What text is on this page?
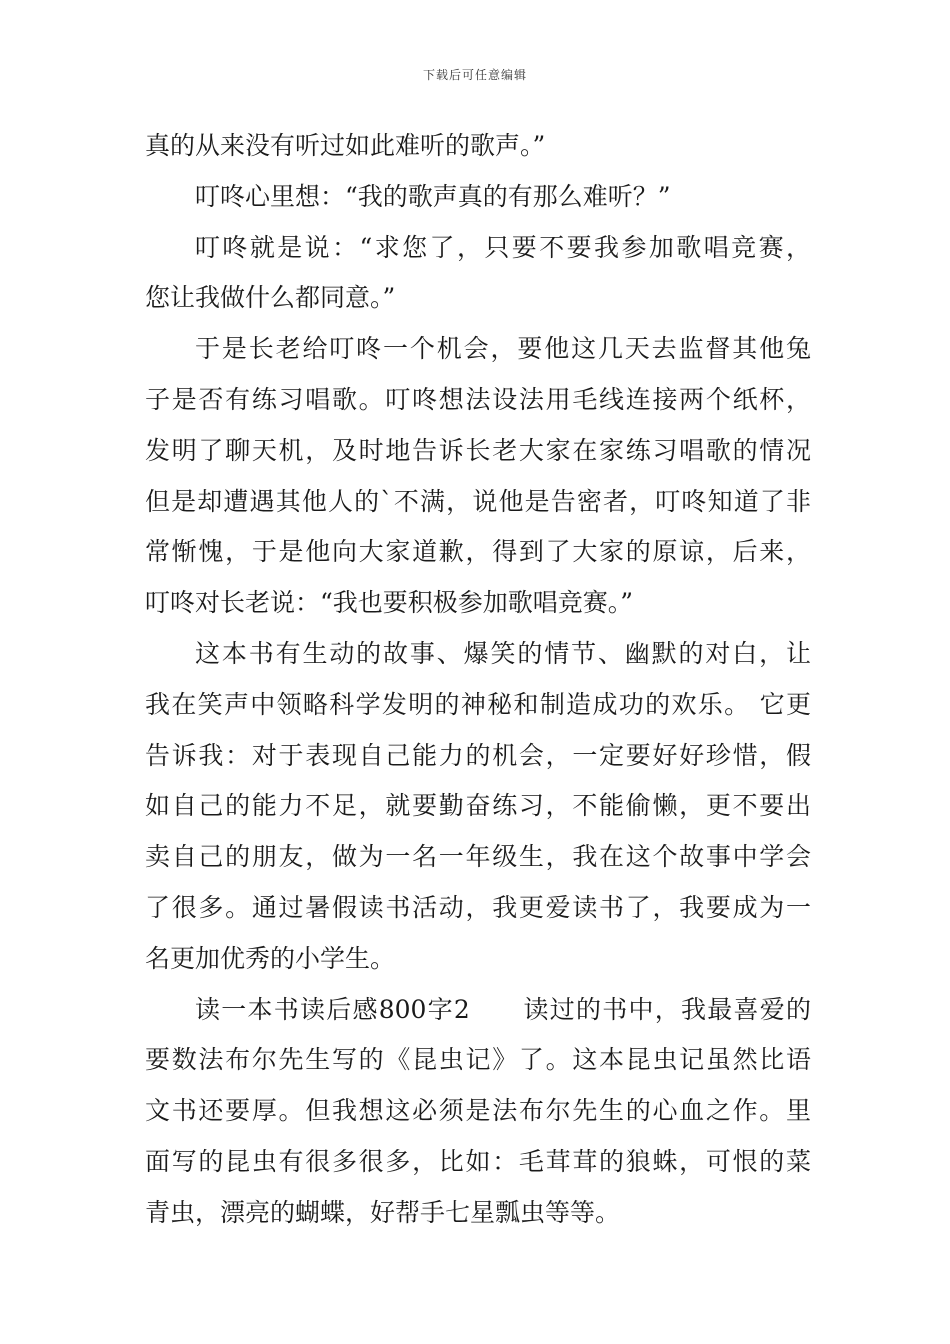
下载后可任意编辑
真的从来没有听过如此难听的歌声。”
叮咚心里想：“我的歌声真的有那么难听？”
叮咚就是说：“求您了，只要不要我参加歌唱竞赛，
您让我做什么都同意。”
于是长老给叮咚一个机会，要他这几天去监督其他兔
子是否有练习唱歌。叮咚想法设法用毛线连接两个纸杯，
发明了聊天机，及时地告诉长老大家在家练习唱歌的情况
但是却遭遇其他人的`不满，说他是告密者，叮咚知道了非
常惭愧，于是他向大家道歉，得到了大家的原谅，后来，
叮咚对长老说：“我也要积极参加歌唱竞赛。”
这本书有生动的故事、爆笑的情节、幽默的对白，让
我在笑声中领略科学发明的神秘和制造成功的欢乐。 它更
告诉我：对于表现自己能力的机会，一定要好好珍惜，假
如自己的能力不足，就要勤奋练习，不能偷懒，更不要出
卖自己的朋友，做为一名一年级生，我在这个故事中学会
了很多。通过暑假读书活动，我更爱读书了，我要成为一
名更加优秀的小学生。
读一本书读后感800字2　　读过的书中，我最喜爱的
要数法布尔先生写的《昆虫记》了。这本昆虫记虽然比语
文书还要厚。但我想这必须是法布尔先生的心血之作。里
面写的昆虫有很多很多，比如：毛茸茸的狼蛛，可恨的菜
青虫，漂亮的蝴蝶，好帮手七星瓢虫等等。
